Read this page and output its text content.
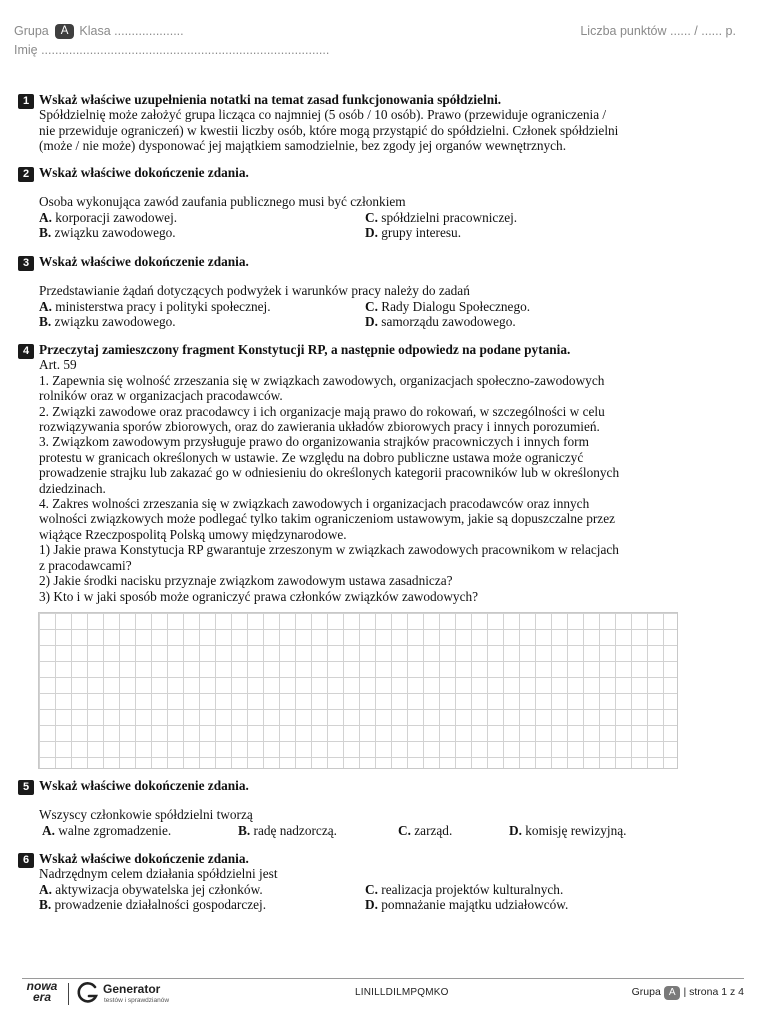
Grupa A Klasa ....................
Imię ...................................................................................
Liczba punktów ...... / ...... p.
1 Wskaż właściwe uzupełnienia notatki na temat zasad funkcjonowania spółdzielni.
Spółdzielnię może założyć grupa licząca co najmniej (5 osób / 10 osób). Prawo (przewiduje ograniczenia /
nie przewiduje ograniczeń) w kwestii liczby osób, które mogą przystąpić do spółdzielni. Członek spółdzielni
(może / nie może) dysponować jej majątkiem samodzielnie, bez zgody jej organów wewnętrznych.
2 Wskaż właściwe dokończenie zdania.
Osoba wykonująca zawód zaufania publicznego musi być członkiem
A. korporacji zawodowej.	C. spółdzielni pracowniczej.
B. związku zawodowego.	D. grupy interesu.
3 Wskaż właściwe dokończenie zdania.
Przedstawianie żądań dotyczących podwyżek i warunków pracy należy do zadań
A. ministerstwa pracy i polityki społecznej.	C. Rady Dialogu Społecznego.
B. związku zawodowego.	D. samorządu zawodowego.
4 Przeczytaj zamieszczony fragment Konstytucji RP, a następnie odpowiedz na podane pytania.
Art. 59
1. Zapewnia się wolność zrzeszania się w związkach zawodowych, organizacjach społeczno-zawodowych
rolników oraz w organizacjach pracodawców.
2. Związki zawodowe oraz pracodawcy i ich organizacje mają prawo do rokowań, w szczególności w celu
rozwiązywania sporów zbiorowych, oraz do zawierania układów zbiorowych pracy i innych porozumień.
3. Związkom zawodowym przysługuje prawo do organizowania strajków pracowniczych i innych form
protestu w granicach określonych w ustawie. Ze względu na dobro publiczne ustawa może ograniczyć
prowadzenie strajku lub zakazać go w odniesieniu do określonych kategorii pracowników lub w określonych
dziedzinach.
4. Zakres wolności zrzeszania się w związkach zawodowych i organizacjach pracodawców oraz innych
wolności związkowych może podlegać tylko takim ograniczeniom ustawowym, jakie są dopuszczalne przez
wiążące Rzeczpospolitą Polską umowy międzynarodowe.
1) Jakie prawa Konstytucja RP gwarantuje zrzeszonym w związkach zawodowych pracownikom w relacjach
z pracodawcami?
2) Jakie środki nacisku przyznaje związkom zawodowym ustawa zasadnicza?
3) Kto i w jaki sposób może ograniczyć prawa członków związków zawodowych?
5 Wskaż właściwe dokończenie zdania.
Wszyscy członkowie spółdzielni tworzą
A. walne zgromadzenie.	B. radę nadzorczą.	C. zarząd.	D. komisję rewizyjną.
6 Wskaż właściwe dokończenie zdania.
Nadrzędnym celem działania spółdzielni jest
A. aktywizacja obywatelska jej członków.	C. realizacja projektów kulturalnych.
B. prowadzenie działalności gospodarczej.	D. pomnażanie majątku udziałowców.
nowa
era
Generator
testów i sprawdzianów
LINILLDILMPQMKO	Grupa A | strona 1 z 4
